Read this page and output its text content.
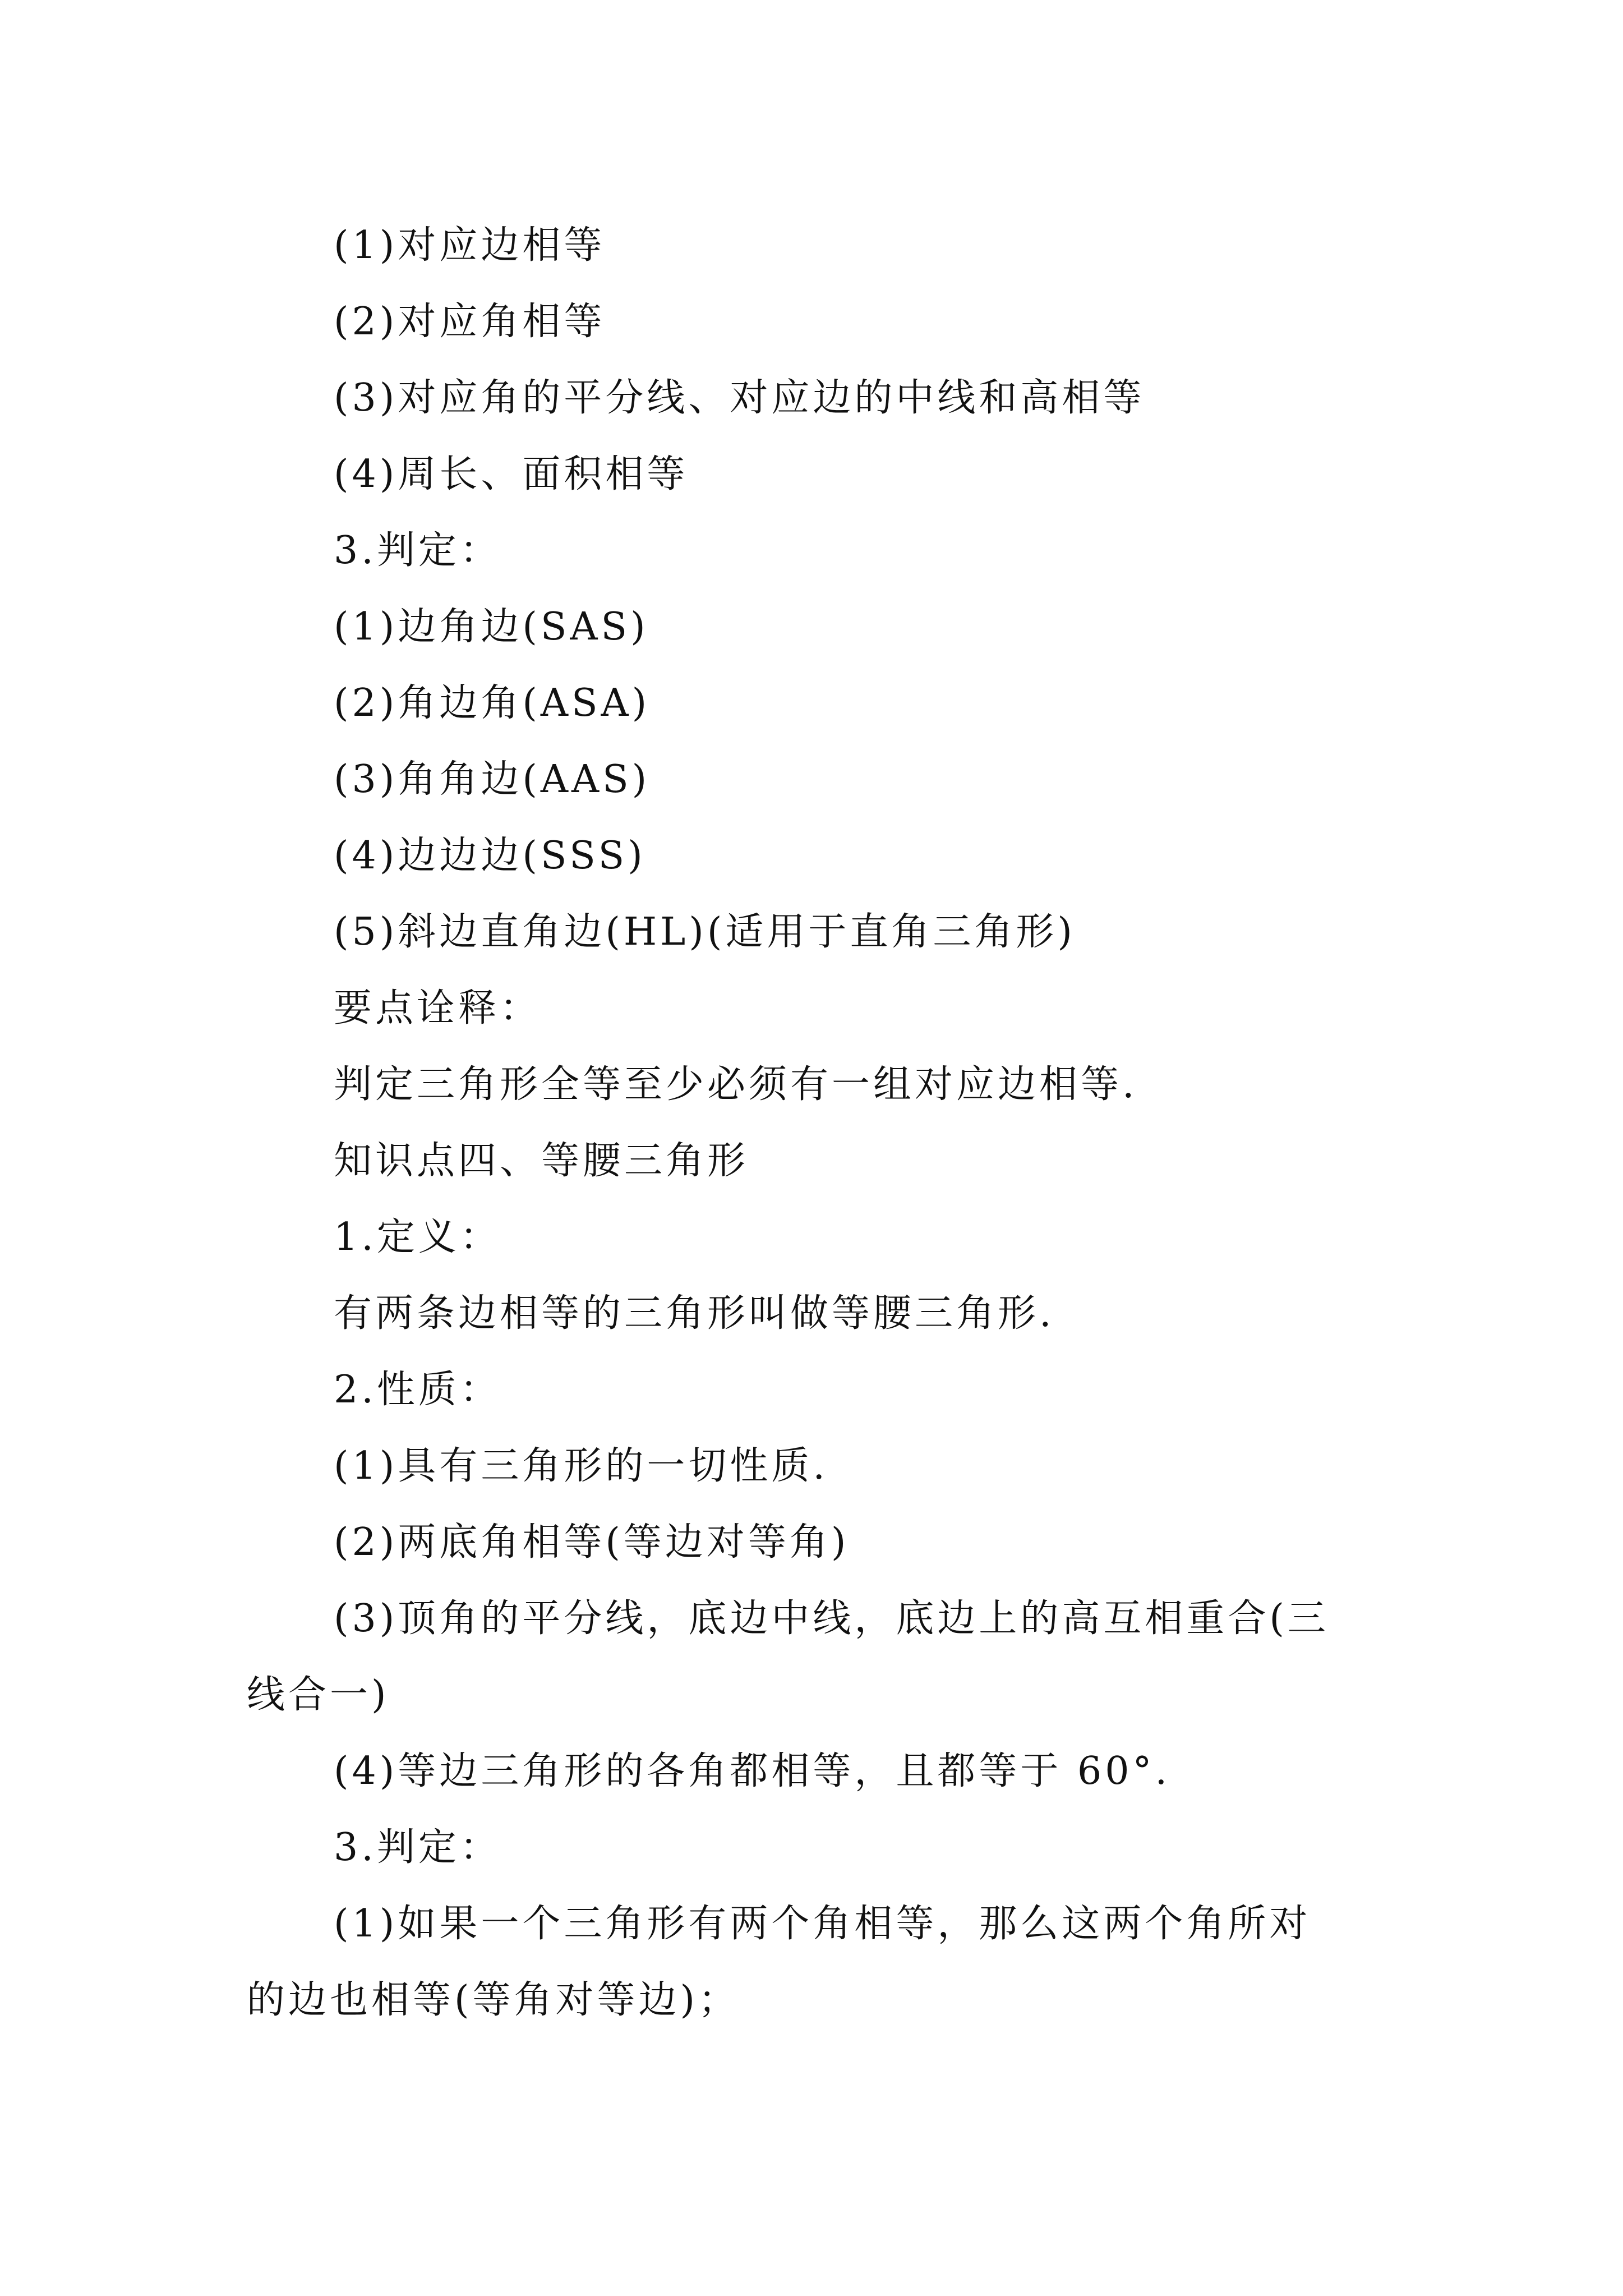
(1)对应边相等
(2)对应角相等
(3)对应角的平分线、对应边的中线和高相等
(4)周长、面积相等
3.判定：
(1)边角边(SAS)
(2)角边角(ASA)
(3)角角边(AAS)
(4)边边边(SSS)
(5)斜边直角边(HL)(适用于直角三角形)
要点诠释：
判定三角形全等至少必须有一组对应边相等.
知识点四、等腰三角形
1.定义：
有两条边相等的三角形叫做等腰三角形.
2.性质：
(1)具有三角形的一切性质.
(2)两底角相等(等边对等角)
(3)顶角的平分线，底边中线，底边上的高互相重合(三
线合一)
(4)等边三角形的各角都相等，且都等于 60°.
3.判定：
(1)如果一个三角形有两个角相等，那么这两个角所对
的边也相等(等角对等边)；
